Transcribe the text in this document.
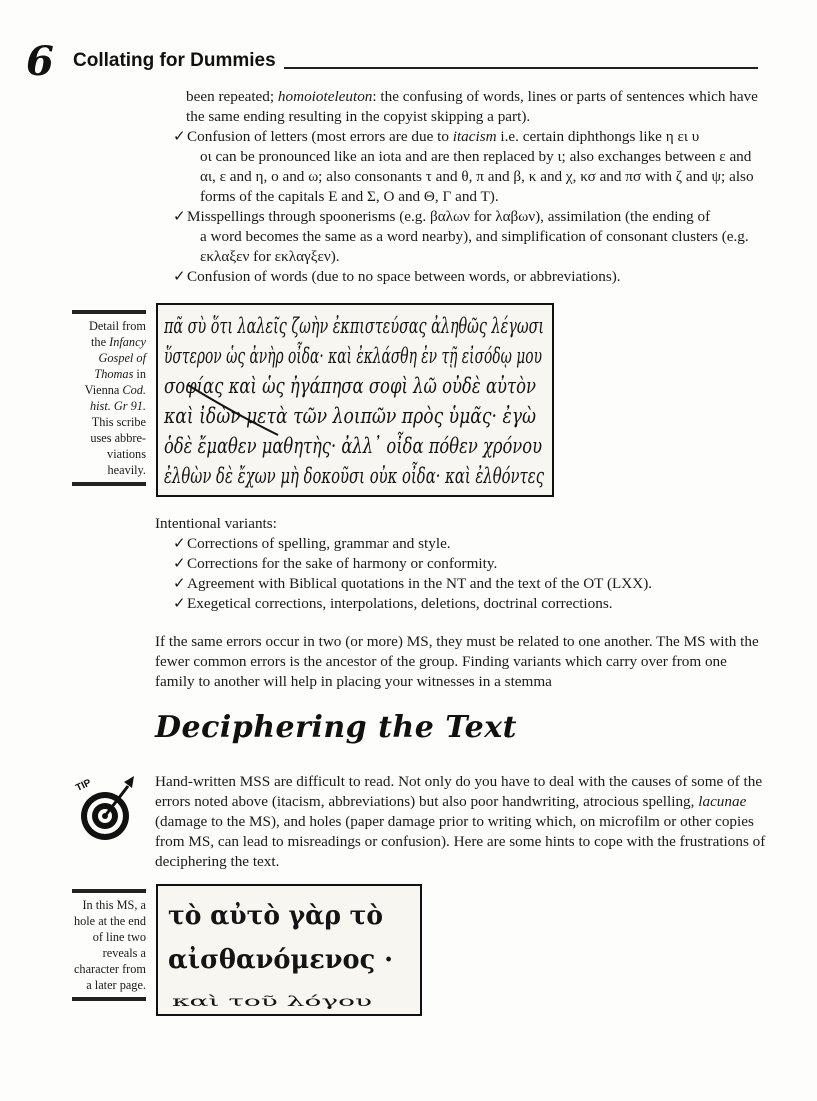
6 Collating for Dummies

been repeated; homoioteleuton: the confusing of words, lines or parts of sentences which have the same ending resulting in the copyist skipping a part).

✓ Confusion of letters (most errors are due to itacism i.e. certain diphthongs like η ει υ
οι can be pronounced like an iota and are then replaced by ι; also exchanges between ε and αι, ε and η, ο and ω; also consonants τ and θ, π and β, κ and χ, κσ and πσ with ζ and ψ; also forms of the capitals E and Σ, O and Θ, Γ and T).
✓ Misspellings through spoonerisms (e.g. βαλων for λαβων), assimilation (the ending of
a word becomes the same as a word nearby), and simplification of consonant clusters (e.g. εκλαξεν for εκλαγξεν).
✓ Confusion of words (due to no space between words, or abbreviations).
Detail from the Infancy Gospel of Thomas in Vienna Cod. hist. Gr 91. This scribe uses abbre-viations heavily.
πᾶ σὺ ὅτι λαλεῖς ζωὴν ἐκπιστεύσας ἀληθῶς λέγωσι
ὕστερον ὡς ἀνὴρ οἶδα· καὶ ἐκλάσθη ἐν τῇ εἰσόδῳ μου
σοφίας καὶ ὡς ἠγάπησα σοφὶ λῶ οὐδὲ αὐτὸν
καὶ ἰδὼν μετὰ τῶν λοιπῶν πρὸς ὑμᾶς· ἐγὼ
ὁδὲ ἔμαθεν μαθητὴς· ἀλλ᾽ οἶδα πόθεν χρόνου
ἐλθὼν δὲ ἔχων μὴ δοκοῦσι οὐκ οἶδα· καὶ ἐλθόντες
Intentional variants:
✓ Corrections of spelling, grammar and style.
✓ Corrections for the sake of harmony or conformity.
✓ Agreement with Biblical quotations in the NT and the text of the OT (LXX).
✓ Exegetical corrections, interpolations, deletions, doctrinal corrections.

If the same errors occur in two (or more) MS, they must be related to one another. The MS with the fewer common errors is the ancestor of the group. Finding variants which carry over from one family to another will help in placing your witnesses in a stemma

Deciphering the Text
TIP	Hand-written MSS are difficult to read. Not only do you have to deal with the causes of some of the errors noted above (itacism, abbreviations) but also poor handwriting, atrocious spelling, lacunae (damage to the MS), and holes (paper damage prior to writing which, on microfilm or other copies from MS, can lead to misreadings or confusion). Here are some hints to cope with the frustrations of deciphering the text.

In this MS, a hole at the end of line two reveals a character from a later page.
τὸ αὐτὸ γὰρ τὸ
αἰσθανόμενος ·
καὶ τοῦ λόγου
